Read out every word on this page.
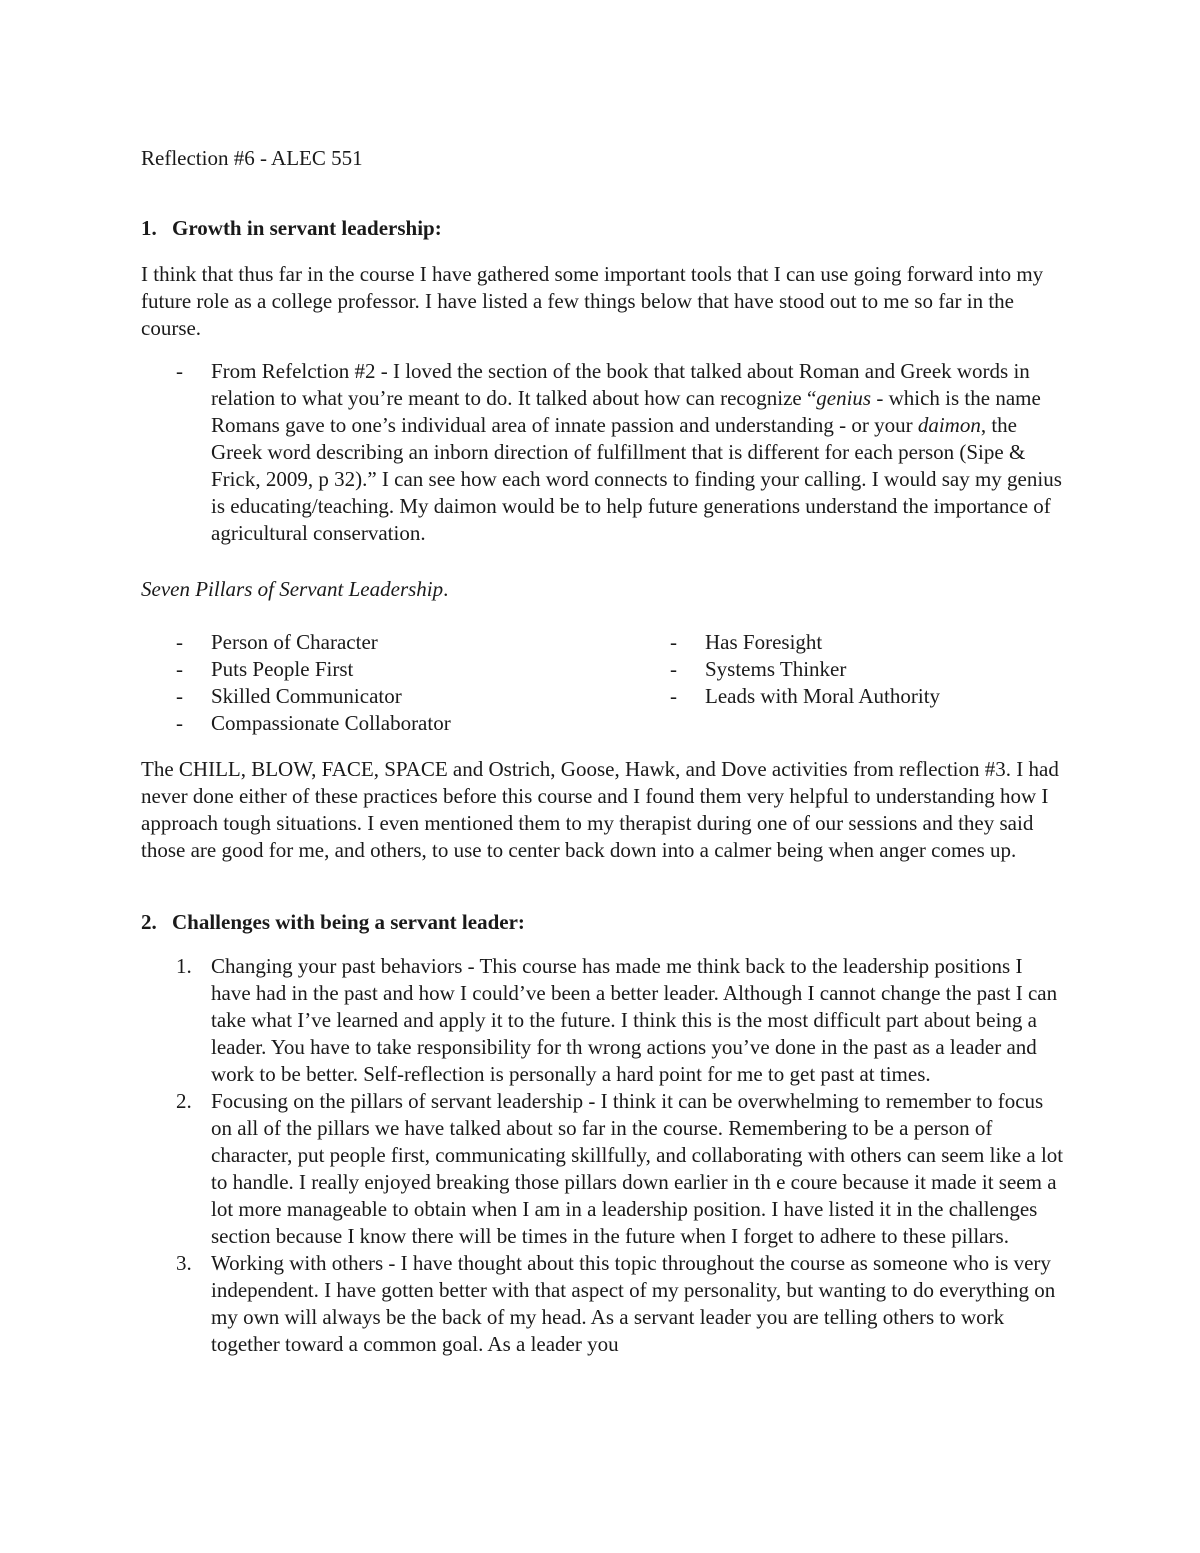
Reflection #6 - ALEC 551

1. Growth in servant leadership:

I think that thus far in the course I have gathered some important tools that I can use going forward into my future role as a college professor. I have listed a few things below that have stood out to me so far in the course.

- From Refelction #2 - I loved the section of the book that talked about Roman and Greek words in relation to what you’re meant to do. It talked about how can recognize “genius - which is the name Romans gave to one’s individual area of innate passion and understanding - or your daimon, the Greek word describing an inborn direction of fulfillment that is different for each person (Sipe & Frick, 2009, p 32).” I can see how each word connects to finding your calling. I would say my genius is educating/teaching. My daimon would be to help future generations understand the importance of agricultural conservation.

Seven Pillars of Servant Leadership.

- Person of Character
- Puts People First
- Skilled Communicator
- Compassionate Collaborator
- Has Foresight
- Systems Thinker
- Leads with Moral Authority

The CHILL, BLOW, FACE, SPACE and Ostrich, Goose, Hawk, and Dove activities from reflection #3. I had never done either of these practices before this course and I found them very helpful to understanding how I approach tough situations. I even mentioned them to my therapist during one of our sessions and they said those are good for me, and others, to use to center back down into a calmer being when anger comes up.

2. Challenges with being a servant leader:
1. Changing your past behaviors - This course has made me think back to the leadership positions I have had in the past and how I could’ve been a better leader. Although I cannot change the past I can take what I’ve learned and apply it to the future. I think this is the most difficult part about being a leader. You have to take responsibility for th wrong actions you’ve done in the past as a leader and work to be better. Self-reflection is personally a hard point for me to get past at times.
2. Focusing on the pillars of servant leadership - I think it can be overwhelming to remember to focus on all of the pillars we have talked about so far in the course. Remembering to be a person of character, put people first, communicating skillfully, and collaborating with others can seem like a lot to handle. I really enjoyed breaking those pillars down earlier in th e coure because it made it seem a lot more manageable to obtain when I am in a leadership position. I have listed it in the challenges section because I know there will be times in the future when I forget to adhere to these pillars.
3. Working with others - I have thought about this topic throughout the course as someone who is very independent. I have gotten better with that aspect of my personality, but wanting to do everything on my own will always be the back of my head. As a servant leader you are telling others to work together toward a common goal. As a leader you
